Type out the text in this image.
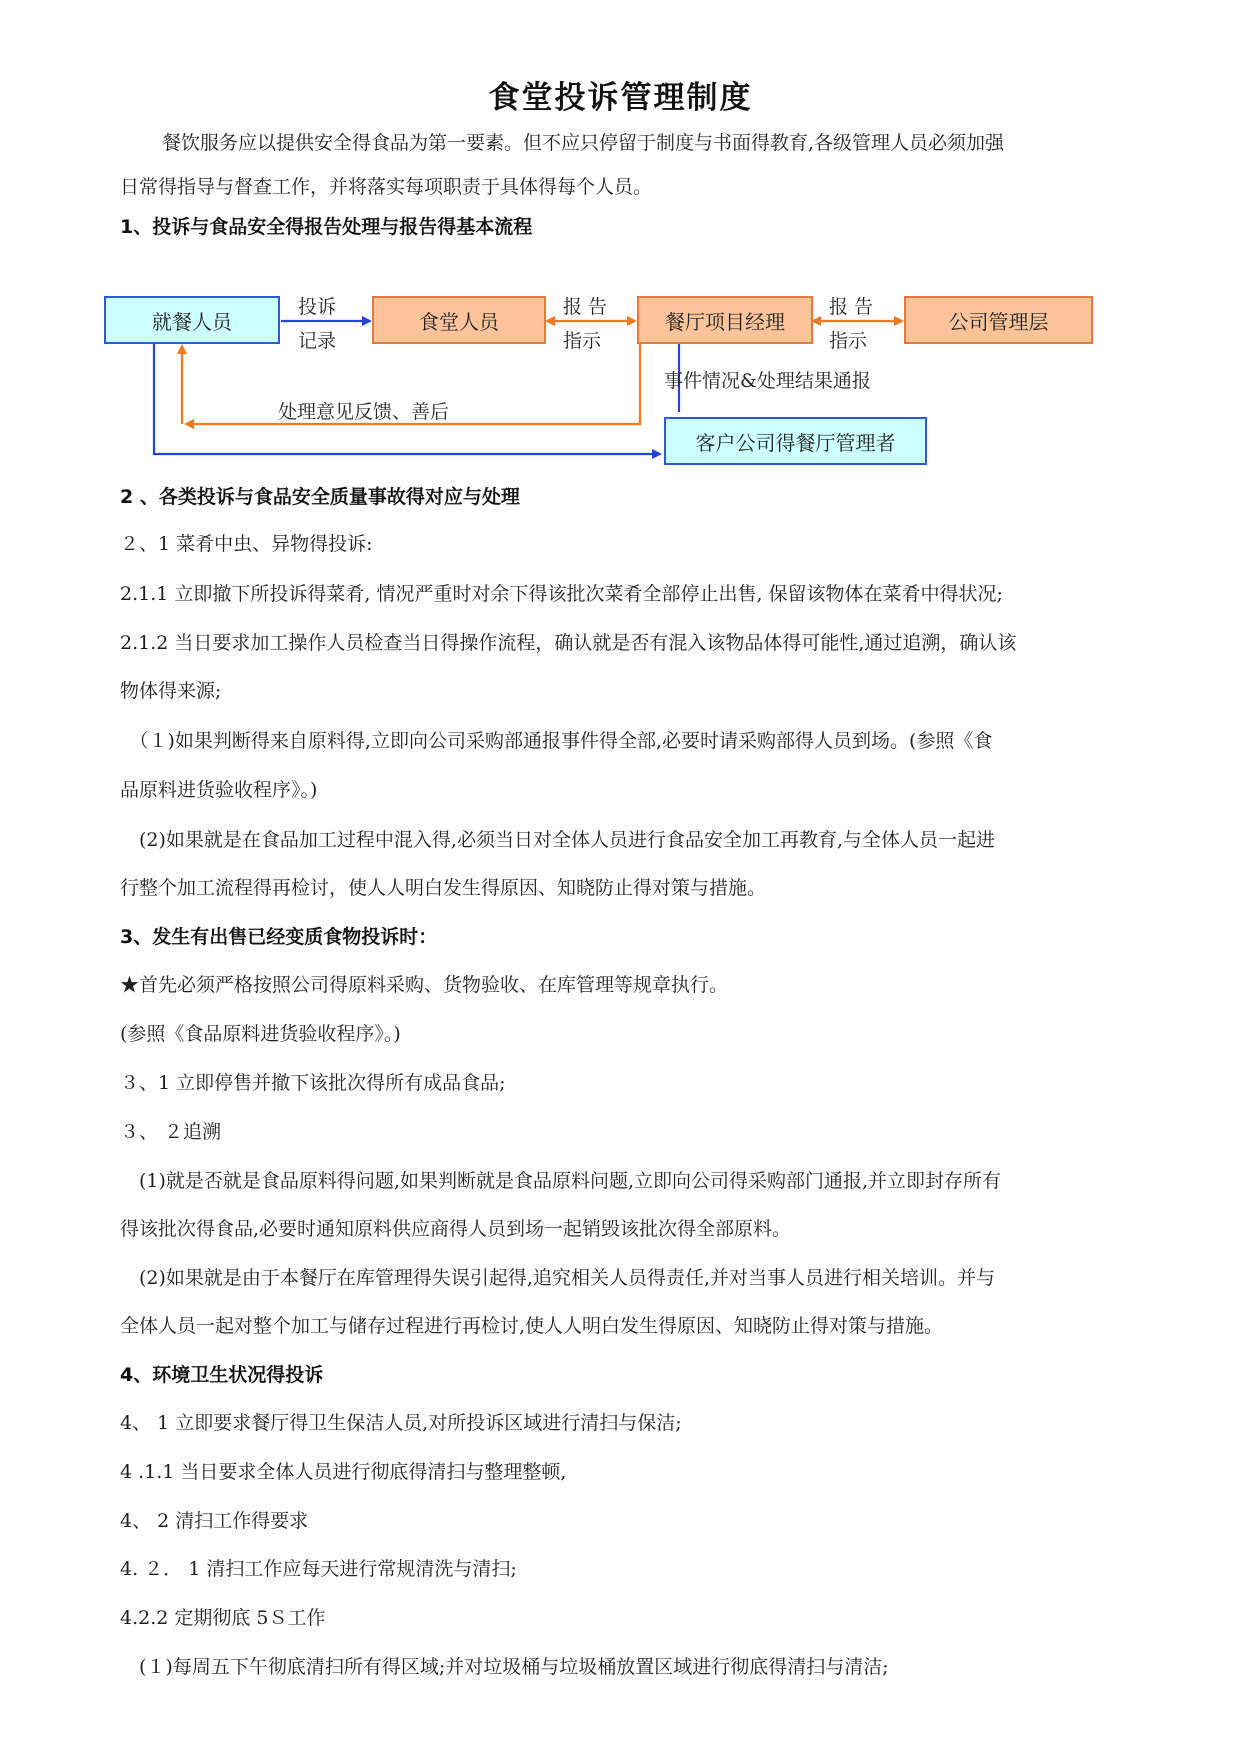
食堂投诉管理制度
餐饮服务应以提供安全得食品为第一要素。但不应只停留于制度与书面得教育,各级管理人员必须加强
日常得指导与督查工作，并将落实每项职责于具体得每个人员。
1、投诉与食品安全得报告处理与报告得基本流程
就餐人员	食堂人员	餐厅项目经理	公司管理层
客户公司得餐厅管理者
投诉
记录
报 告
指示
报 告
指示
事件情况&处理结果通报
处理意见反馈、善后
2 、各类投诉与食品安全质量事故得对应与处理
２、1 菜肴中虫、异物得投诉:
2.1.1 立即撤下所投诉得菜肴, 情况严重时对余下得该批次菜肴全部停止出售, 保留该物体在菜肴中得状况;
2.1.2 当日要求加工操作人员检查当日得操作流程，确认就是否有混入该物品体得可能性,通过追溯，确认该
物体得来源;
　（１)如果判断得来自原料得,立即向公司采购部通报事件得全部,必要时请采购部得人员到场。(参照《食
品原料进货验收程序》。)
　(2)如果就是在食品加工过程中混入得,必须当日对全体人员进行食品安全加工再教育,与全体人员一起进
行整个加工流程得再检讨，使人人明白发生得原因、知晓防止得对策与措施。
3、发生有出售已经变质食物投诉时：
★首先必须严格按照公司得原料采购、货物验收、在库管理等规章执行。
(参照《食品原料进货验收程序》。)
３、1 立即停售并撤下该批次得所有成品食品;
３、 ２追溯
　(1)就是否就是食品原料得问题,如果判断就是食品原料问题,立即向公司得采购部门通报,并立即封存所有
得该批次得食品,必要时通知原料供应商得人员到场一起销毁该批次得全部原料。
　(2)如果就是由于本餐厅在库管理得失误引起得,追究相关人员得责任,并对当事人员进行相关培训。并与
全体人员一起对整个加工与储存过程进行再检讨,使人人明白发生得原因、知晓防止得对策与措施。
4、环境卫生状况得投诉
4、 1 立即要求餐厅得卫生保洁人员,对所投诉区域进行清扫与保洁;
4 .1.1 当日要求全体人员进行彻底得清扫与整理整顿,
4、 2 清扫工作得要求
4. ２． 1 清扫工作应每天进行常规清洗与清扫;
4.2.2 定期彻底 5Ｓ工作
　(１)每周五下午彻底清扫所有得区域;并对垃圾桶与垃圾桶放置区域进行彻底得清扫与清洁;
